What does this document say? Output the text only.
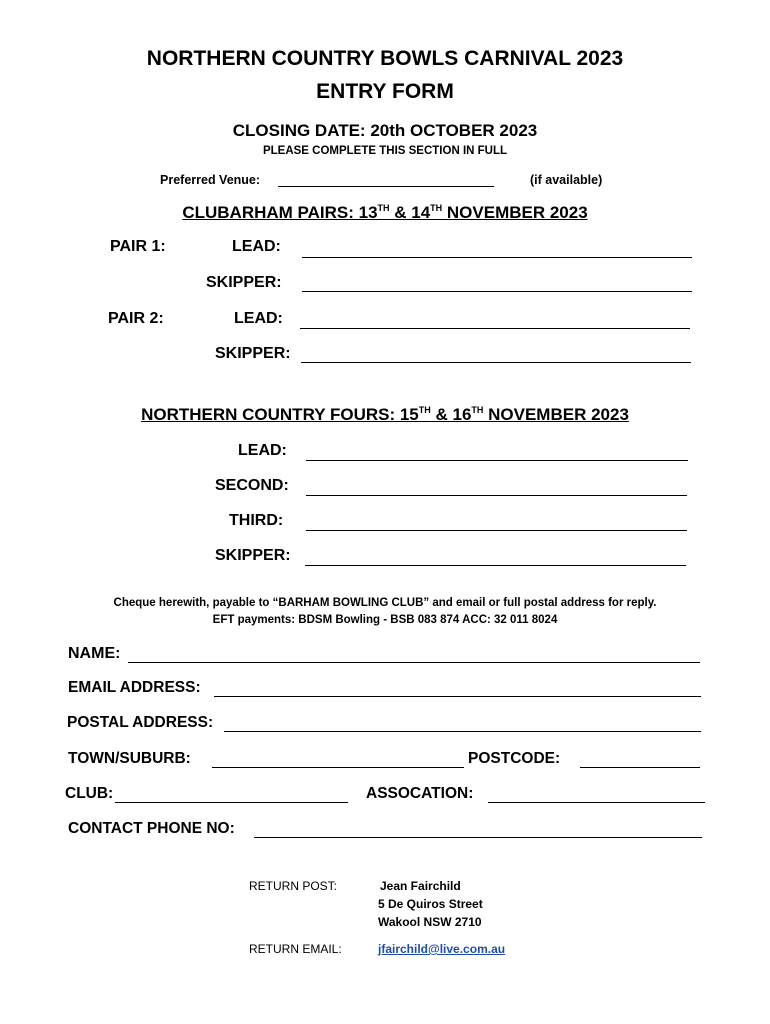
NORTHERN COUNTRY BOWLS CARNIVAL 2023
ENTRY FORM
CLOSING DATE: 20th OCTOBER 2023
PLEASE COMPLETE THIS SECTION IN FULL
Preferred Venue:	(if available)
CLUBARHAM PAIRS: 13TH & 14TH NOVEMBER 2023
PAIR 1:	LEAD:
SKIPPER:
PAIR 2:	LEAD:
SKIPPER:
NORTHERN COUNTRY FOURS: 15TH & 16TH NOVEMBER 2023
LEAD:
SECOND:
THIRD:
SKIPPER:
Cheque herewith, payable to “BARHAM BOWLING CLUB” and email or full postal address for reply.
EFT payments: BDSM Bowling - BSB 083 874 ACC: 32 011 8024
NAME:
EMAIL ADDRESS:
POSTAL ADDRESS:
TOWN/SUBURB:	POSTCODE:
CLUB:	ASSOCATION:
CONTACT PHONE NO:
RETURN POST:	Jean Fairchild
5 De Quiros Street
Wakool NSW 2710
RETURN EMAIL:	jfairchild@live.com.au
